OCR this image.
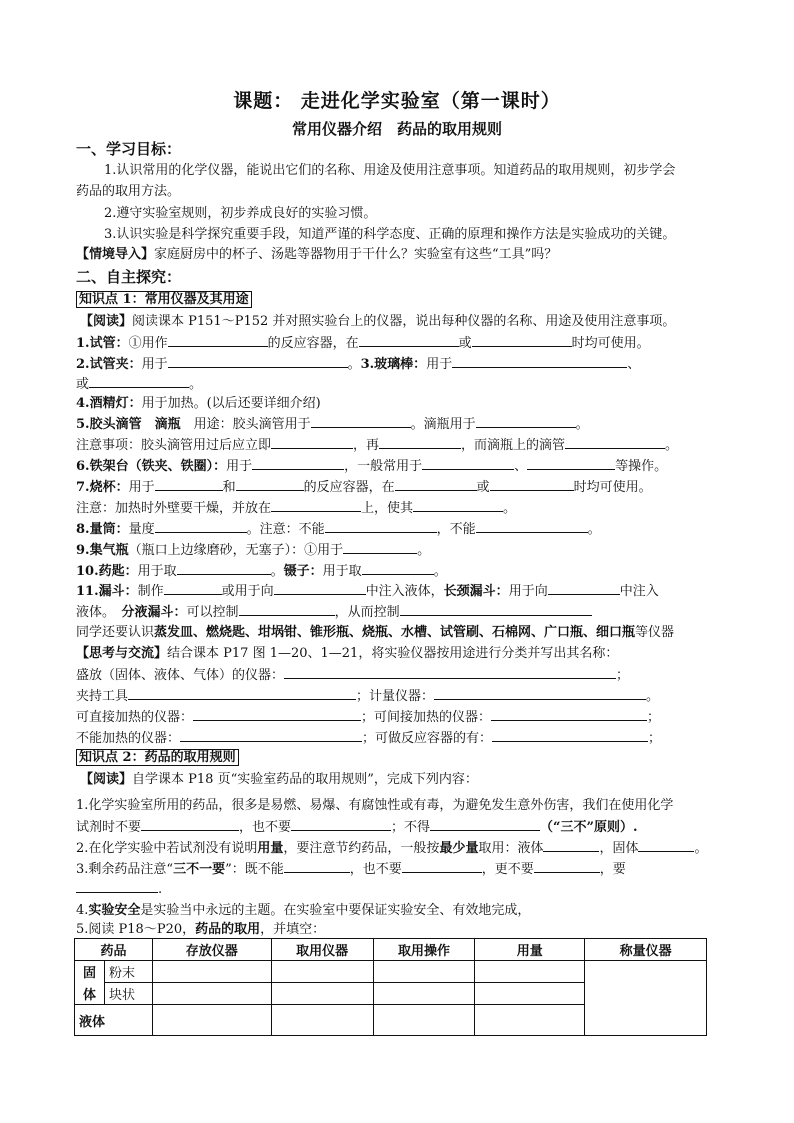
课题： 走进化学实验室（第一课时）
常用仪器介绍　药品的取用规则
一、学习目标：
1.认识常用的化学仪器，能说出它们的名称、用途及使用注意事项。知道药品的取用规则，初步学会
药品的取用方法。
2.遵守实验室规则，初步养成良好的实验习惯。
3.认识实验是科学探究重要手段，知道严谨的科学态度、正确的原理和操作方法是实验成功的关键。
【情境导入】家庭厨房中的杯子、汤匙等器物用于干什么？实验室有这些“工具”吗？
二、自主探究：
知识点 1：常用仪器及其用途
【阅读】阅读课本 P151～P152 并对照实验台上的仪器，说出每种仪器的名称、用途及使用注意事项。
1.试管：①用作	的反应容器，在	或	时均可使用。
2.试管夹：用于	。3.玻璃棒：用于	、
或	。
4.酒精灯：用于加热。(以后还要详细介绍)
5.胶头滴管　滴瓶　 用途：胶头滴管用于	。滴瓶用于	。
注意事项：胶头滴管用过后应立即	，再	，而滴瓶上的滴管	。
6.铁架台（铁夹、铁圈）：用于	，一般常用于	、	等操作。
7.烧杯：用于	和	的反应容器，在	或	时均可使用。
注意：加热时外壁要干燥，并放在	上，使其	。
8.量筒：量度	。注意：不能	，不能	。
9.集气瓶（瓶口上边缘磨砂，无塞子）：①用于	。
10.药匙：用于取	。镊子：用于取	。
11.漏斗：制作	或用于向	中注入液体，长颈漏斗：用于向	中注入
液体。　 分液漏斗：可以控制	，从而控制
同学还要认识蒸发皿、燃烧匙、坩埚钳、锥形瓶、烧瓶、水槽、试管刷、石棉网、广口瓶、细口瓶等仪器
【思考与交流】结合课本 P17 图 1—20、1—21，将实验仪器按用途进行分类并写出其名称：
盛放（固体、液体、气体）的仪器：	；
夹持工具	；计量仪器：	。
可直接加热的仪器：	；可间接加热的仪器：	；
不能加热的仪器：	；可做反应容器的有：	；
知识点 2：药品的取用规则
【阅读】自学课本 P18 页“实验室药品的取用规则”，完成下列内容：
1.化学实验室所用的药品，很多是易燃、易爆、有腐蚀性或有毒，为避免发生意外伤害，我们在使用化学
试剂时不要	，也不要	；不得	（“三不”原则）.
2.在化学实验中若试剂没有说明用量，要注意节约药品，一般按最少量取用：液体	，固体	。
3.剩余药品注意“三不一要”：既不能	，也不要	，更不要	，要
.
4.实验安全是实验当中永远的主题。在实验室中要保证实验安全、有效地完成，
5.阅读 P18～P20，药品的取用，并填空：
药品		存放仪器	取用仪器	取用操作	用量	称量仪器
固	粉末					
体	块状					
液体						
